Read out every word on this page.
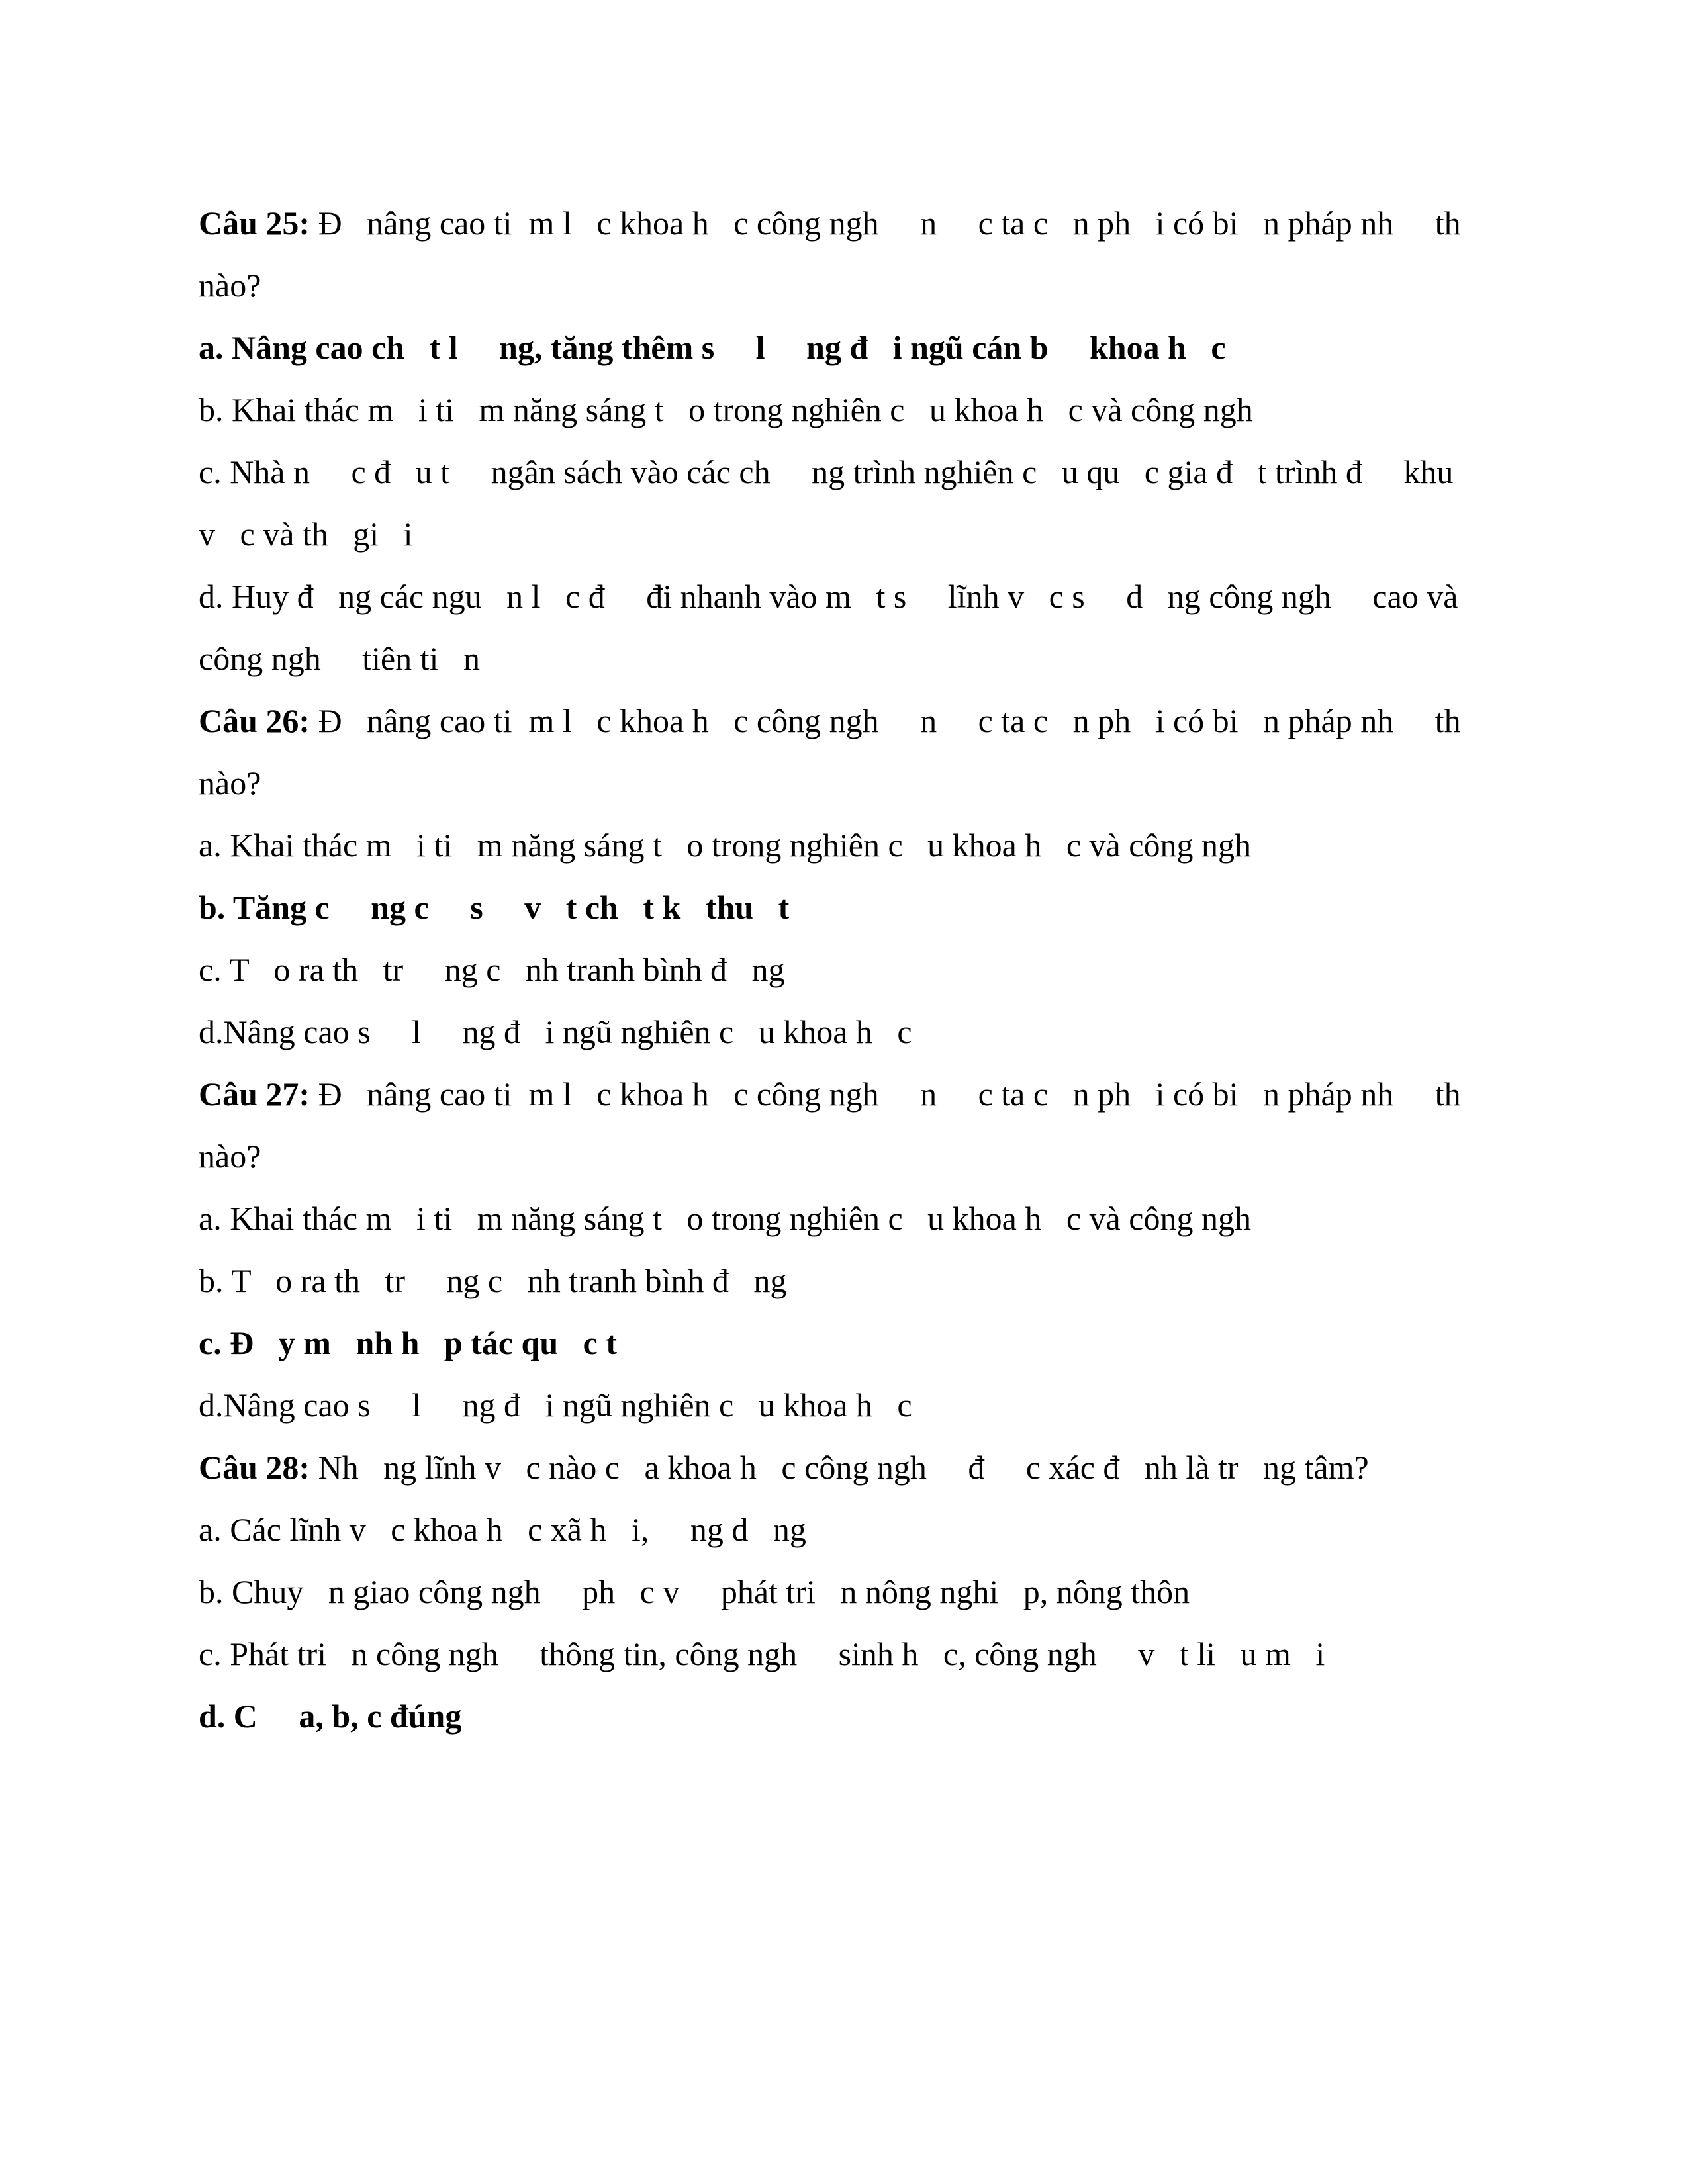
Câu 25: Đ   nâng cao ti  m l   c khoa h   c công ngh     n     c ta c   n ph   i có bi   n pháp nh     th
nào?
a. Nâng cao ch   t l     ng, tăng thêm s     l     ng đ   i ngũ cán b     khoa h   c
b. Khai thác m   i ti   m năng sáng t   o trong nghiên c   u khoa h   c và công ngh
c. Nhà n     c đ   u t     ngân sách vào các ch     ng trình nghiên c   u qu   c gia đ   t trình đ     khu
v   c và th   gi   i
d. Huy đ   ng các ngu   n l   c đ     đi nhanh vào m   t s     lĩnh v   c s     d   ng công ngh     cao và
công ngh     tiên ti   n
Câu 26: Đ   nâng cao ti  m l   c khoa h   c công ngh     n     c ta c   n ph   i có bi   n pháp nh     th
nào?
a. Khai thác m   i ti   m năng sáng t   o trong nghiên c   u khoa h   c và công ngh
b. Tăng c     ng c     s     v   t ch   t k   thu   t
c. T   o ra th   tr     ng c   nh tranh bình đ   ng
d.Nâng cao s     l     ng đ   i ngũ nghiên c   u khoa h   c
Câu 27: Đ   nâng cao ti  m l   c khoa h   c công ngh     n     c ta c   n ph   i có bi   n pháp nh     th
nào?
a. Khai thác m   i ti   m năng sáng t   o trong nghiên c   u khoa h   c và công ngh
b. T   o ra th   tr     ng c   nh tranh bình đ   ng
c. Đ   y m   nh h   p tác qu   c t
d.Nâng cao s     l     ng đ   i ngũ nghiên c   u khoa h   c
Câu 28: Nh   ng lĩnh v   c nào c   a khoa h   c công ngh     đ     c xác đ   nh là tr   ng tâm?
a. Các lĩnh v   c khoa h   c xã h   i,     ng d   ng
b. Chuy   n giao công ngh     ph   c v     phát tri   n nông nghi   p, nông thôn
c. Phát tri   n công ngh     thông tin, công ngh     sinh h   c, công ngh     v   t li   u m   i
d. C     a, b, c đúng
